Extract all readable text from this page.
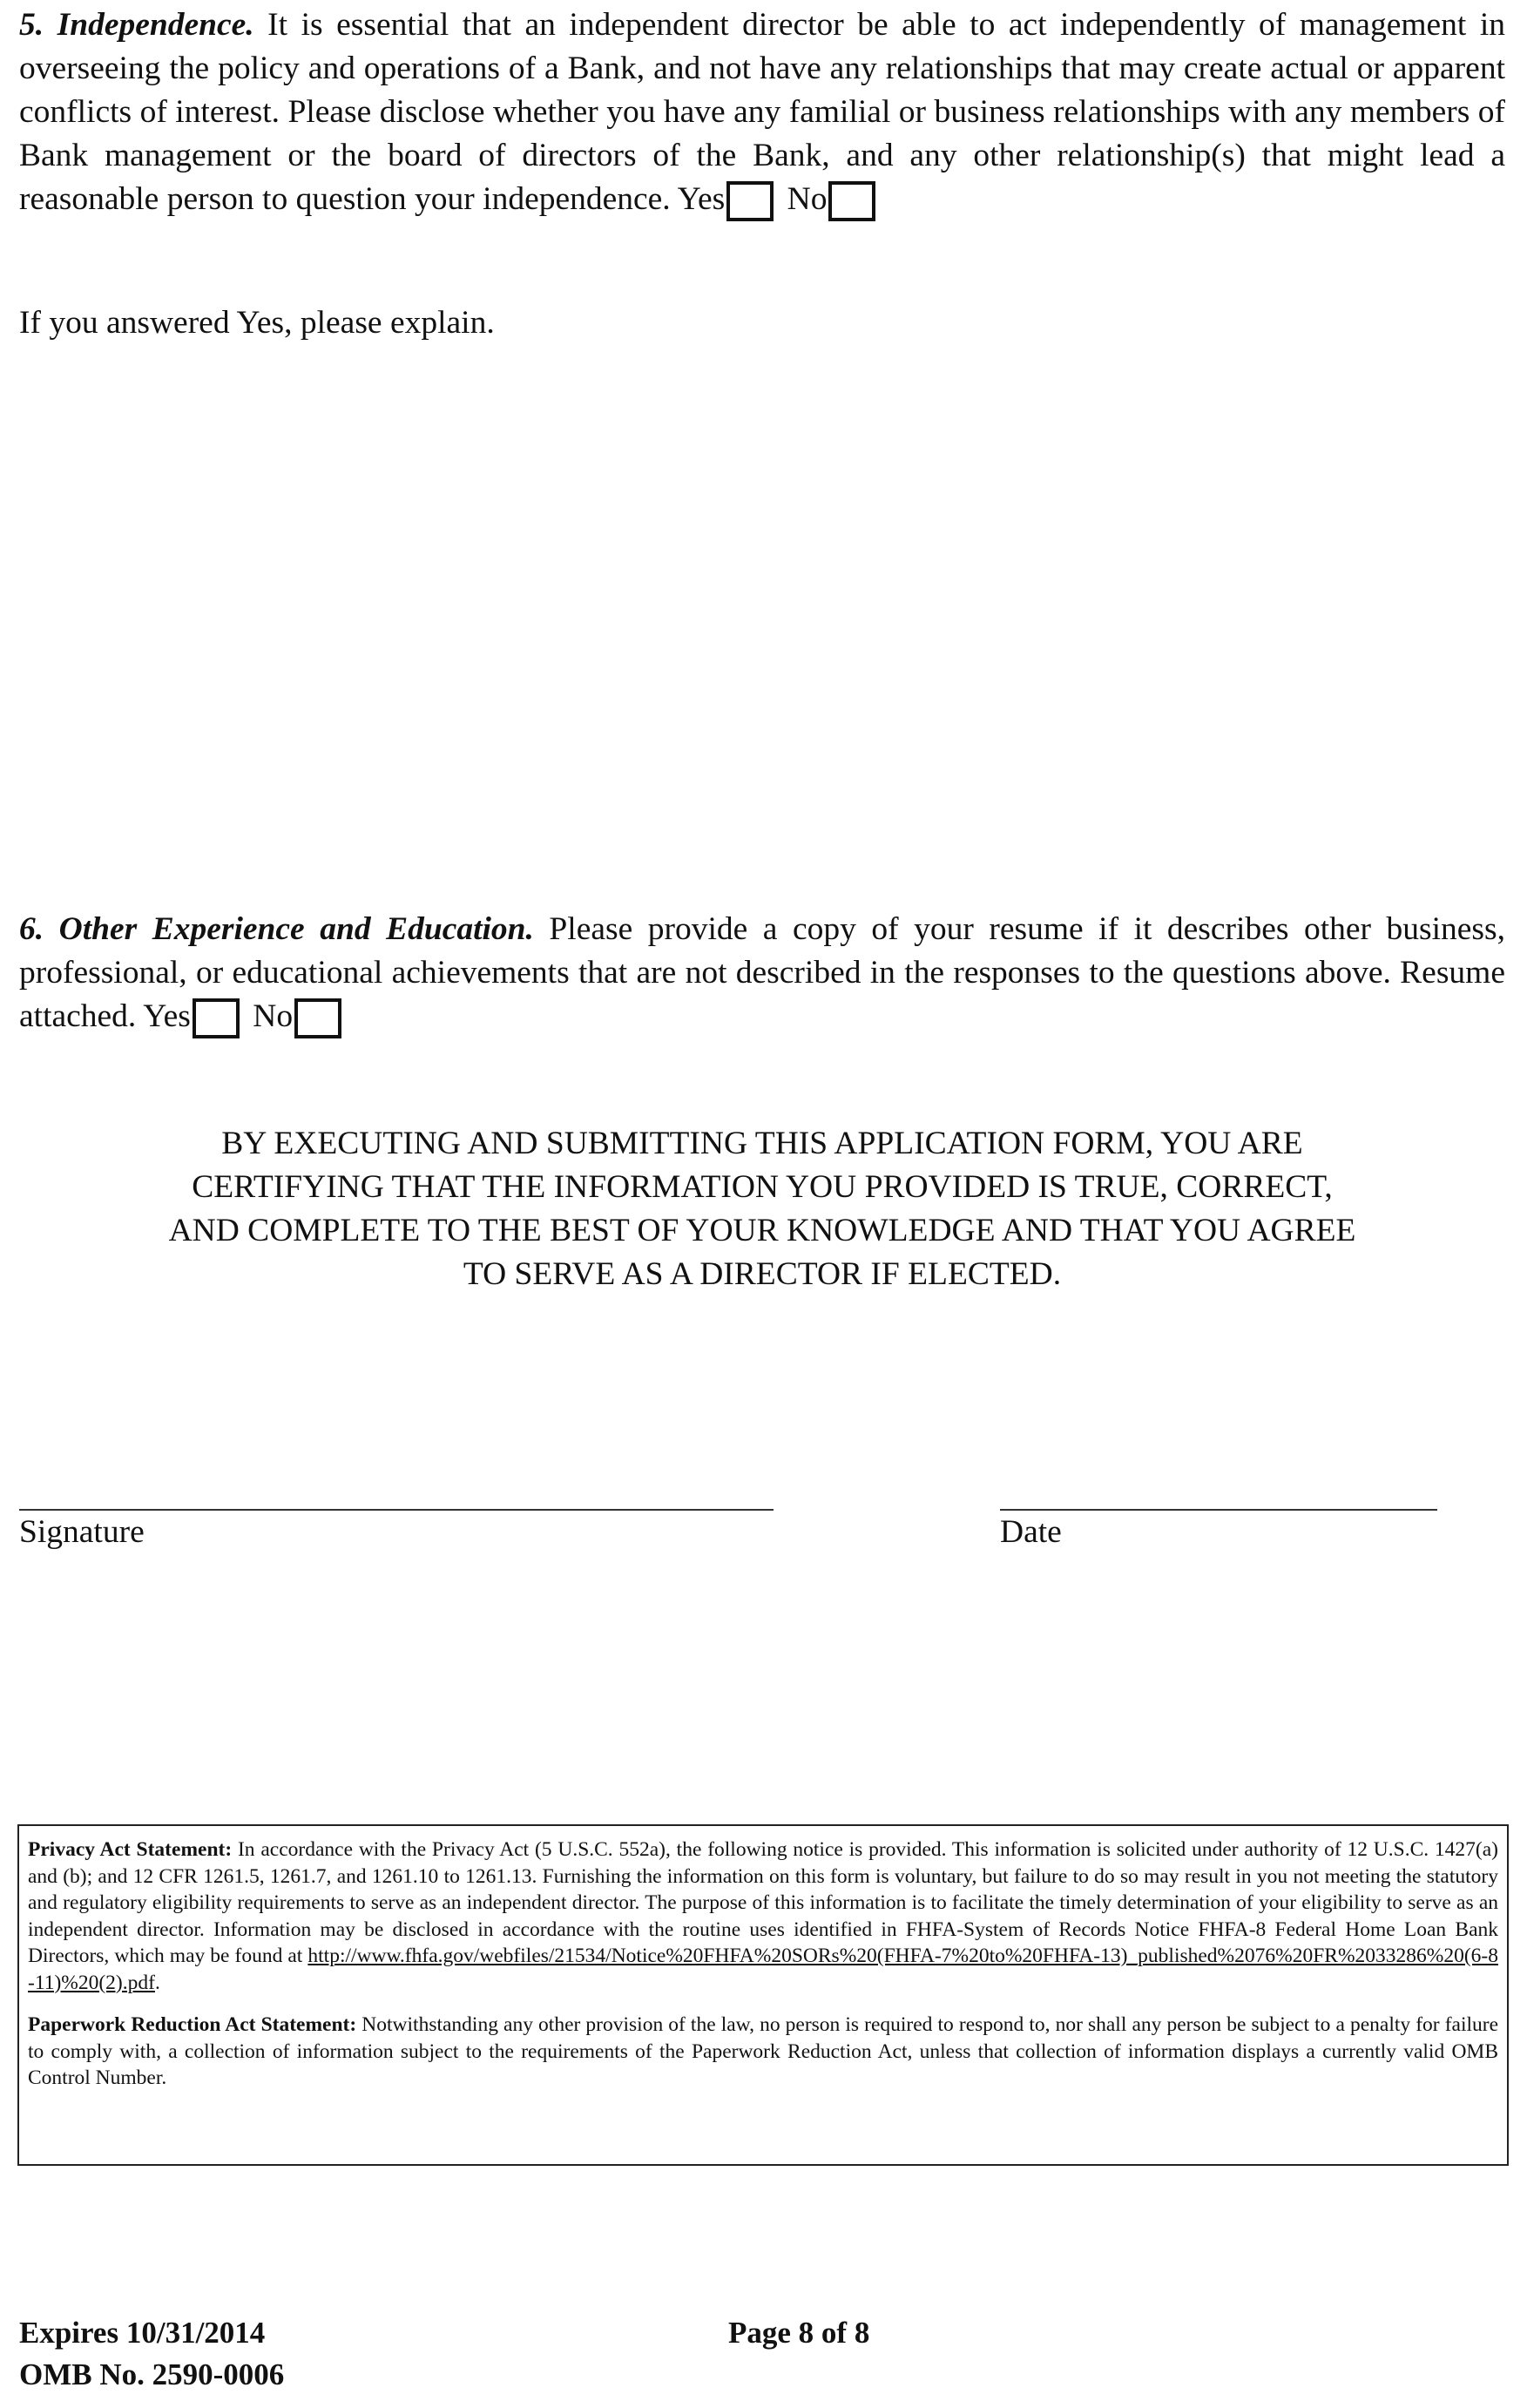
5. Independence. It is essential that an independent director be able to act independently of management in overseeing the policy and operations of a Bank, and not have any relationships that may create actual or apparent conflicts of interest. Please disclose whether you have any familial or business relationships with any members of Bank management or the board of directors of the Bank, and any other relationship(s) that might lead a reasonable person to question your independence. Yes No
If you answered Yes, please explain.
6. Other Experience and Education. Please provide a copy of your resume if it describes other business, professional, or educational achievements that are not described in the responses to the questions above. Resume attached. Yes No
BY EXECUTING AND SUBMITTING THIS APPLICATION FORM, YOU ARE
CERTIFYING THAT THE INFORMATION YOU PROVIDED IS TRUE, CORRECT,
AND COMPLETE TO THE BEST OF YOUR KNOWLEDGE AND THAT YOU AGREE
TO SERVE AS A DIRECTOR IF ELECTED.
Signature	Date

Privacy Act Statement: In accordance with the Privacy Act (5 U.S.C. 552a), the following notice is provided. This information is solicited under authority of 12 U.S.C. 1427(a) and (b); and 12 CFR 1261.5, 1261.7, and 1261.10 to 1261.13. Furnishing the information on this form is voluntary, but failure to do so may result in you not meeting the statutory and regulatory eligibility requirements to serve as an independent director. The purpose of this information is to facilitate the timely determination of your eligibility to serve as an independent director. Information may be disclosed in accordance with the routine uses identified in FHFA-System of Records Notice FHFA-8 Federal Home Loan Bank Directors, which may be found at http://www.fhfa.gov/webfiles/21534/Notice%20FHFA%20SORs%20(FHFA-7%20to%20FHFA-13)_published%2076%20FR%2033286%20(6-8-11)%20(2).pdf.

Paperwork Reduction Act Statement: Notwithstanding any other provision of the law, no person is required to respond to, nor shall any person be subject to a penalty for failure to comply with, a collection of information subject to the requirements of the Paperwork Reduction Act, unless that collection of information displays a currently valid OMB Control Number.

Expires 10/31/2014
OMB No. 2590-0006
Page 8 of 8
